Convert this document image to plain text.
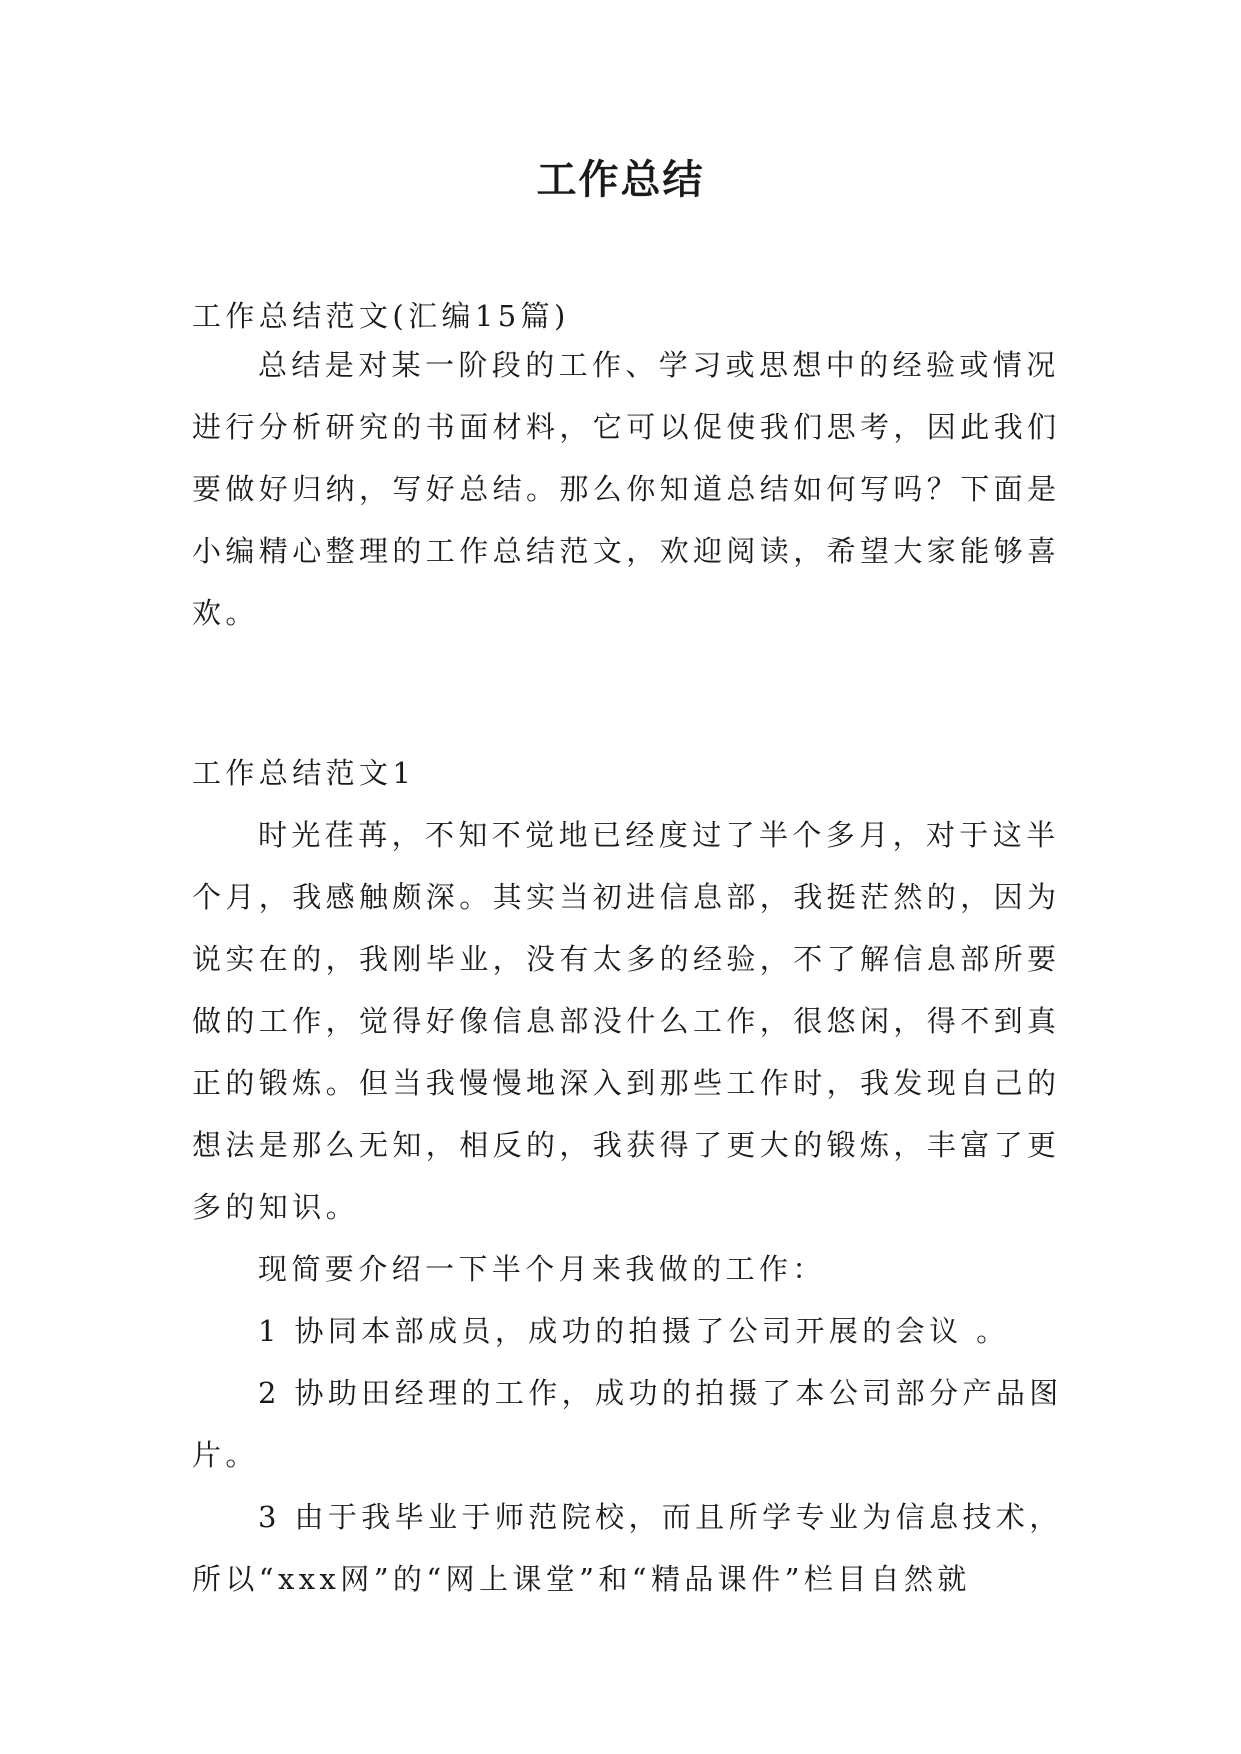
工作总结

工作总结范文(汇编15篇)

总结是对某一阶段的工作、学习或思想中的经验或情况

进行分析研究的书面材料，它可以促使我们思考，因此我们

要做好归纳，写好总结。那么你知道总结如何写吗？下面是

小编精心整理的工作总结范文，欢迎阅读，希望大家能够喜

欢。

工作总结范文1

时光荏苒，不知不觉地已经度过了半个多月，对于这半

个月，我感触颇深。其实当初进信息部，我挺茫然的，因为

说实在的，我刚毕业，没有太多的经验，不了解信息部所要

做的工作，觉得好像信息部没什么工作，很悠闲，得不到真

正的锻炼。但当我慢慢地深入到那些工作时，我发现自己的

想法是那么无知，相反的，我获得了更大的锻炼，丰富了更

多的知识。

现简要介绍一下半个月来我做的工作：

1 协同本部成员，成功的拍摄了公司开展的会议 。

2 协助田经理的工作，成功的拍摄了本公司部分产品图

片。

3 由于我毕业于师范院校，而且所学专业为信息技术，

所以“xxx网”的“网上课堂”和“精品课件”栏目自然就
